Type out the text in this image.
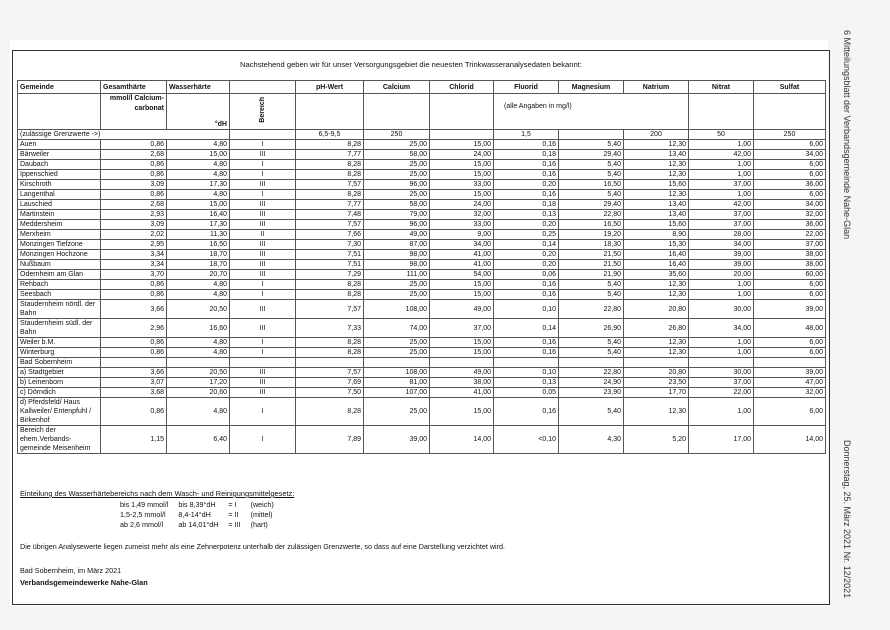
6 Mitteilungsblatt der Verbandsgemeinde Nahe-Glan
Donnerstag, 25. März 2021 Nr. 12/2021
Nachstehend geben wir für unser Versorgungsgebiet die neuesten Trinkwasseranalysedaten bekannt:
Gemeinde	Gesamthärte	Wasserhärte		pH-Wert	Calcium	Chlorid	Fluorid	Magnesium	Natrium	Nitrat	Sulfat
	mmol/l Calcium-carbonat	°dH	Bereich				(alle Angaben in mg/l)				
(zulässige Grenzwerte ->)				6,5-9,5	250		1,5		200	50	250
Auen	0,86	4,80	I	8,28	25,00	15,00	0,16	5,40	12,30	1,00	6,00
Bärweiler	2,68	15,00	III	7,77	58,00	24,00	0,18	29,40	13,40	42,00	34,00
Daubach	0,86	4,80	I	8,28	25,00	15,00	0,16	5,40	12,30	1,00	6,00
Ippenschied	0,86	4,80	I	8,28	25,00	15,00	0,16	5,40	12,30	1,00	6,00
Kirschroth	3,09	17,30	III	7,57	96,00	33,00	0,20	16,50	15,60	37,00	36,00
Langenthal	0,86	4,80	I	8,28	25,00	15,00	0,16	5,40	12,30	1,00	6,00
Lauschied	2,68	15,00	III	7,77	58,00	24,00	0,18	29,40	13,40	42,00	34,00
Martinstein	2,93	16,40	III	7,48	79,00	32,00	0,13	22,80	13,40	37,00	32,00
Meddersheim	3,09	17,30	III	7,57	96,00	33,00	0,20	16,50	15,60	37,00	36,00
Merxheim	2,02	11,30	II	7,66	49,00	9,00	0,25	19,20	8,90	28,00	22,00
Monzingen Tiefzone	2,95	16,50	III	7,30	87,00	34,00	0,14	18,30	15,30	34,00	37,00
Monzingen Hochzone	3,34	18,70	III	7,51	98,00	41,00	0,20	21,50	16,40	39,00	38,00
Nußbaum	3,34	18,70	III	7,51	98,00	41,00	0,20	21,50	16,40	39,00	38,00
Odernheim am Glan	3,70	20,70	III	7,29	111,00	54,00	0,06	21,90	35,60	20,00	60,00
Rehbach	0,86	4,80	I	8,28	25,00	15,00	0,16	5,40	12,30	1,00	6,00
Seesbach	0,86	4,80	I	8,28	25,00	15,00	0,16	5,40	12,30	1,00	6,00
Staudernheim nördl. der Bahn	3,66	20,50	III	7,57	108,00	49,00	0,10	22,80	20,80	30,00	39,00
Staudernheim südl. der Bahn	2,96	16,60	III	7,33	74,00	37,00	0,14	26,90	26,80	34,00	48,00
Weiler b.M.	0,86	4,80	I	8,28	25,00	15,00	0,16	5,40	12,30	1,00	6,00
Winterburg	0,86	4,80	I	8,28	25,00	15,00	0,16	5,40	12,30	1,00	6,00
Bad Sobernheim											
a) Stadtgebiet	3,66	20,50	III	7,57	108,00	49,00	0,10	22,80	20,80	30,00	39,00
b) Leinenborn	3,07	17,20	III	7,69	81,00	38,00	0,13	24,90	23,50	37,00	47,00
c) Dörndich	3,68	20,60	III	7,50	107,00	41,00	0,05	23,90	17,70	22,00	32,00
d) Pferdsfeld/ Haus Kallweiler/ Entenpfuhl / Birkenhof	0,86	4,80	I	8,28	25,00	15,00	0,16	5,40	12,30	1,00	6,00
Bereich der ehem.Verbands-gemeinde Meisenheim	1,15	6,40	I	7,89	39,00	14,00	<0,10	4,30	5,20	17,00	14,00
Einteilung des Wasserhärtebereichs nach dem Wasch- und Reinigungsmittelgesetz:
bis 1,49 mmol/l	bis 8,39°dH	= I	(weich)
1,5-2,5 mmol/l	8,4-14°dH	= II	(mittel)
ab 2,6 mmol/l	ab 14,01°dH	= III	(hart)
Die übrigen Analysewerte liegen zumeist mehr als eine Zehnerpotenz unterhalb der zulässigen Grenzwerte, so dass auf eine Darstellung verzichtet wird.
Bad Sobernheim, im März 2021
Verbandsgemeindewerke Nahe-Glan
